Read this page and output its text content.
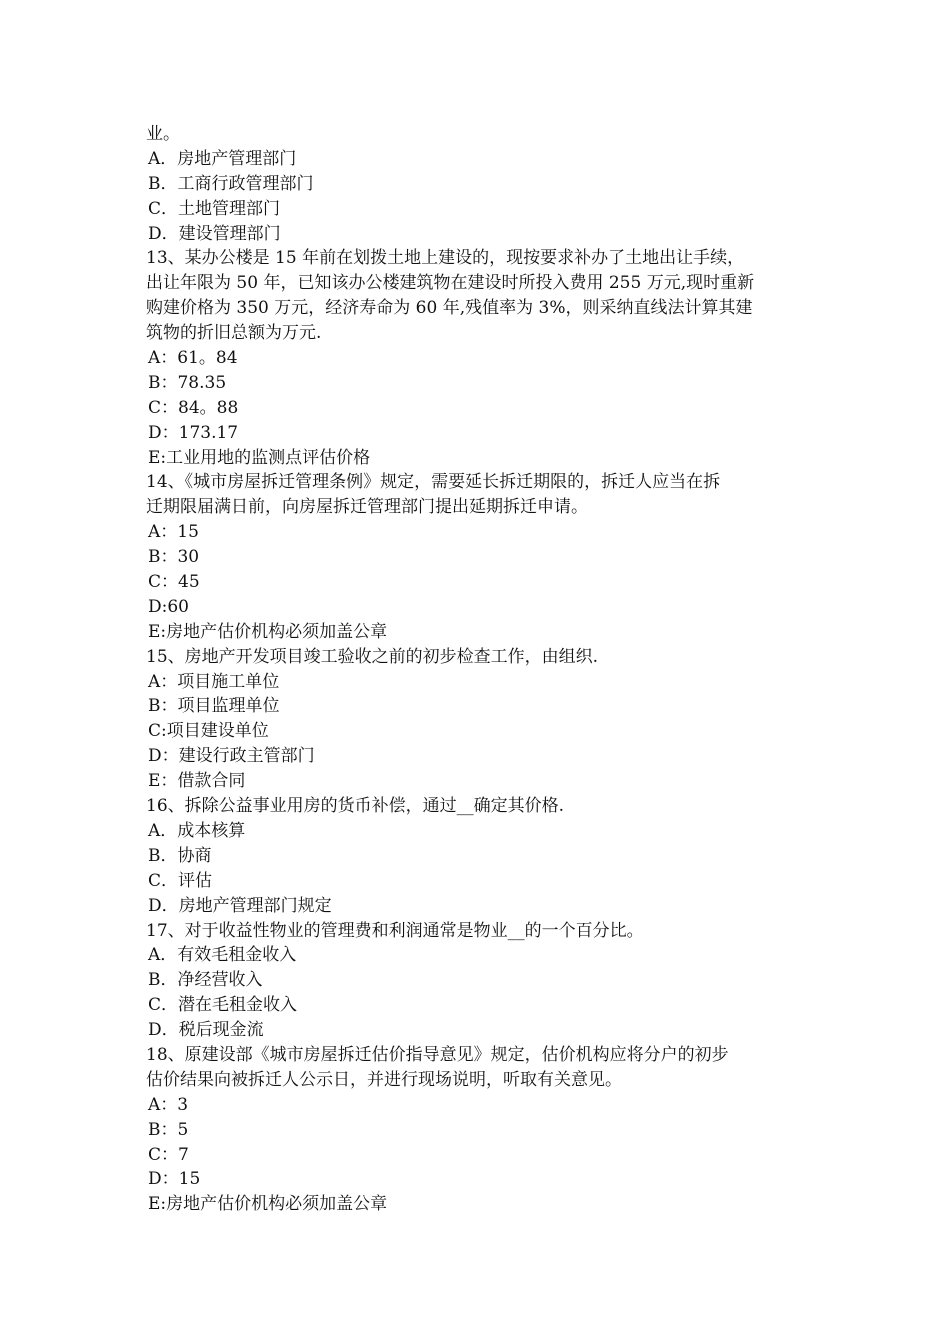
业。
A．房地产管理部门
B．工商行政管理部门
C．土地管理部门
D．建设管理部门
13、某办公楼是 15 年前在划拨土地上建设的，现按要求补办了土地出让手续，
出让年限为 50 年，已知该办公楼建筑物在建设时所投入费用 255 万元,现时重新
购建价格为 350 万元，经济寿命为 60 年,残值率为 3%，则采纳直线法计算其建
筑物的折旧总额为万元.
A：61。84
B：78.35
C：84。88
D：173.17
E:工业用地的监测点评估价格
14、《城市房屋拆迁管理条例》规定，需要延长拆迁期限的，拆迁人应当在拆
迁期限届满日前，向房屋拆迁管理部门提出延期拆迁申请。
A：15
B：30
C：45
D:60
E:房地产估价机构必须加盖公章
15、房地产开发项目竣工验收之前的初步检查工作，由组织.
A：项目施工单位
B：项目监理单位
C:项目建设单位
D：建设行政主管部门
E：借款合同
16、拆除公益事业用房的货币补偿，通过__确定其价格.
A．成本核算
B．协商
C．评估
D．房地产管理部门规定
17、对于收益性物业的管理费和利润通常是物业__的一个百分比。
A．有效毛租金收入
B．净经营收入
C．潜在毛租金收入
D．税后现金流
18、原建设部《城市房屋拆迁估价指导意见》规定，估价机构应将分户的初步
估价结果向被拆迁人公示日，并进行现场说明，听取有关意见。
A：3
B：5
C：7
D：15
E:房地产估价机构必须加盖公章
